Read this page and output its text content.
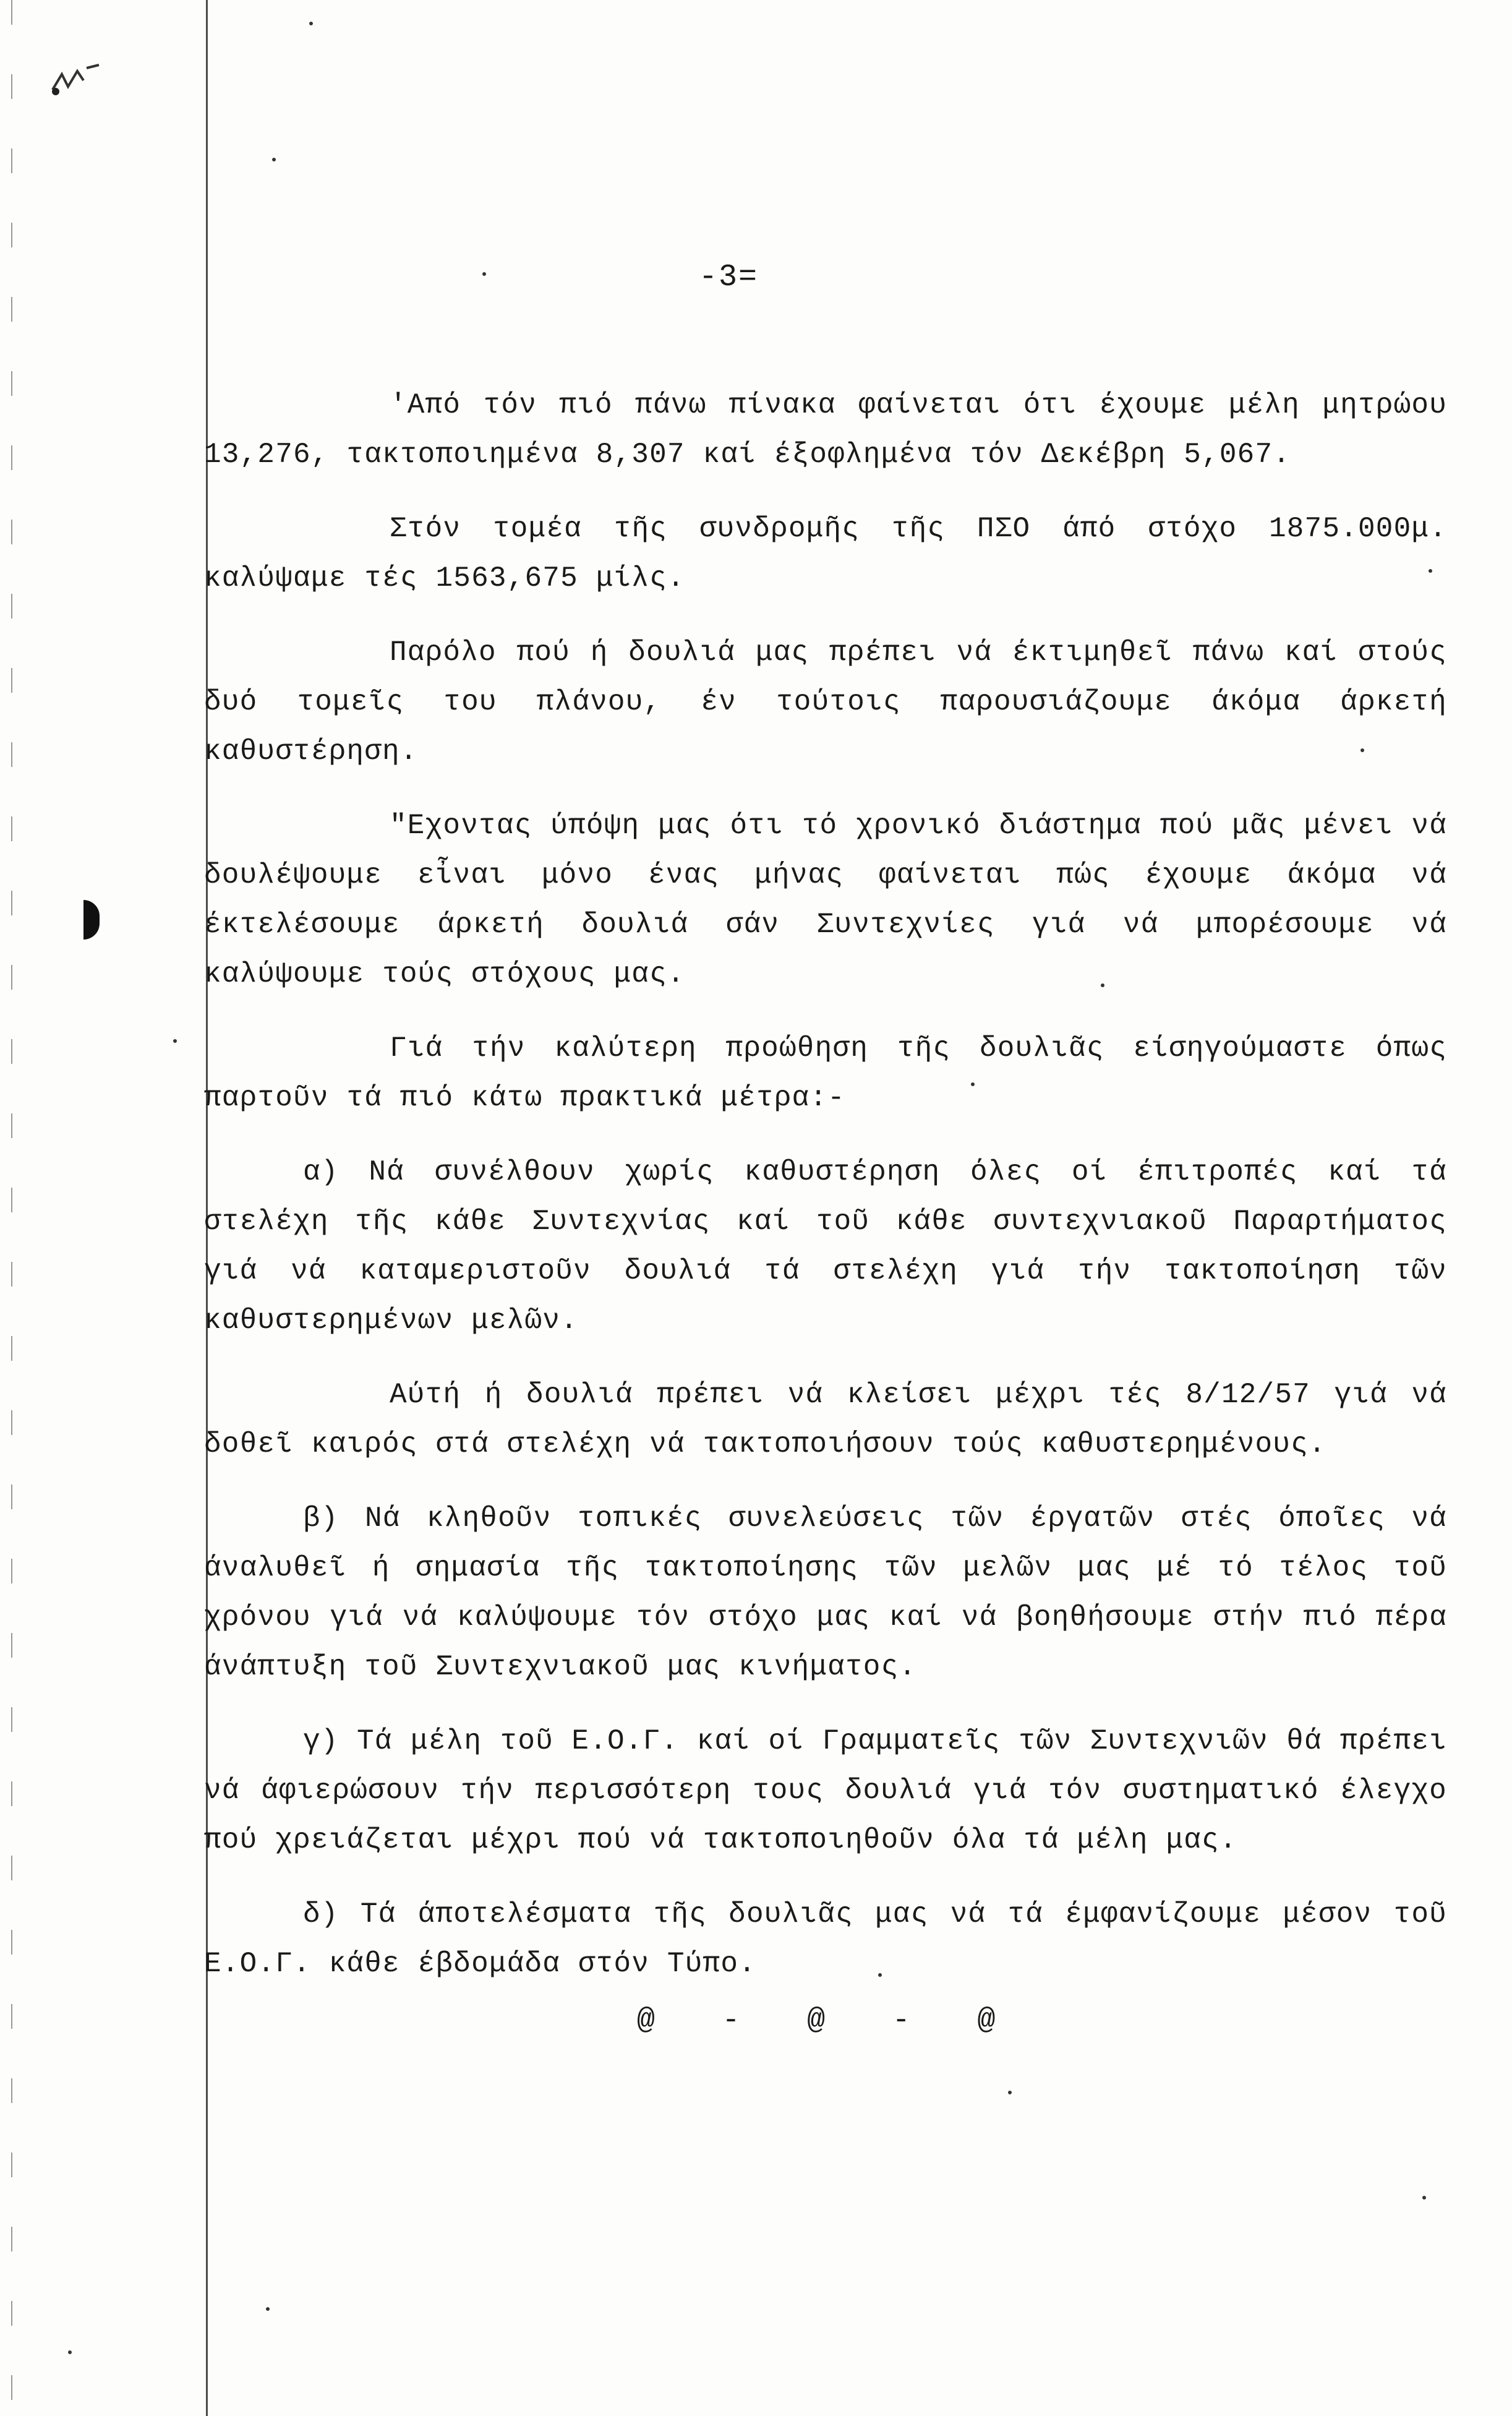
-3=

'Από τόν πιό πάνω πίνακα φαίνεται ότι έχουμε μέλη μητρώου 13,276, τακτοποιημένα 8,307 καί έξοφλημένα τόν Δεκέβρη 5,067.

Στόν τομέα τῆς συνδρομῆς τῆς ΠΣΟ άπό στόχο 1875.000μ. καλύψαμε τές 1563,675 μίλς.

Παρόλο πού ή δουλιά μας πρέπει νά έκτιμηθεῖ πάνω καί στούς δυό τομεῖς του πλάνου, έν τούτοις παρουσιάζουμε άκόμα άρκετή καθυστέρηση.

"Εχοντας ύπόψη μας ότι τό χρονικό διάστημα πού μᾶς μένει νά δουλέψουμε εἶναι μόνο ένας μήνας φαίνεται πώς έχουμε άκόμα νά έκτελέσουμε άρκετή δουλιά σάν Συντεχνίες γιά νά μπορέσουμε νά καλύψουμε τούς στόχους μας.

Γιά τήν καλύτερη προώθηση τῆς δουλιᾶς είσηγούμαστε όπως παρτοῦν τά πιό κάτω πρακτικά μέτρα:-

α) Νά συνέλθουν χωρίς καθυστέρηση όλες οί έπιτροπές καί τά στελέχη τῆς κάθε Συντεχνίας καί τοῦ κάθε συντεχνιακοῦ Παραρτήματος γιά νά καταμεριστοῦν δουλιά τά στελέχη γιά τήν τακτοποίηση τῶν καθυστερημένων μελῶν.

Αύτή ή δουλιά πρέπει νά κλείσει μέχρι τές 8/12/57 γιά νά δοθεῖ καιρός στά στελέχη νά τακτοποιήσουν τούς καθυστερημένους.

β) Νά κληθοῦν τοπικές συνελεύσεις τῶν έργατῶν στές όποῖες νά άναλυθεῖ ή σημασία τῆς τακτοποίησης τῶν μελῶν μας μέ τό τέλος τοῦ χρόνου γιά νά καλύψουμε τόν στόχο μας καί νά βοηθήσουμε στήν πιό πέρα άνάπτυξη τοῦ Συντεχνιακοῦ μας κινήματος.

γ) Τά μέλη τοῦ Ε.Ο.Γ. καί οί Γραμματεῖς τῶν Συντεχνιῶν θά πρέπει νά άφιερώσουν τήν περισσότερη τους δουλιά γιά τόν συστηματικό έλεγχο πού χρειάζεται μέχρι πού νά τακτοποιηθοῦν όλα τά μέλη μας.

δ) Τά άποτελέσματα τῆς δουλιᾶς μας νά τά έμφανίζουμε μέσον τοῦ Ε.Ο.Γ. κάθε έβδομάδα στόν Τύπο.

@ - @ - @
